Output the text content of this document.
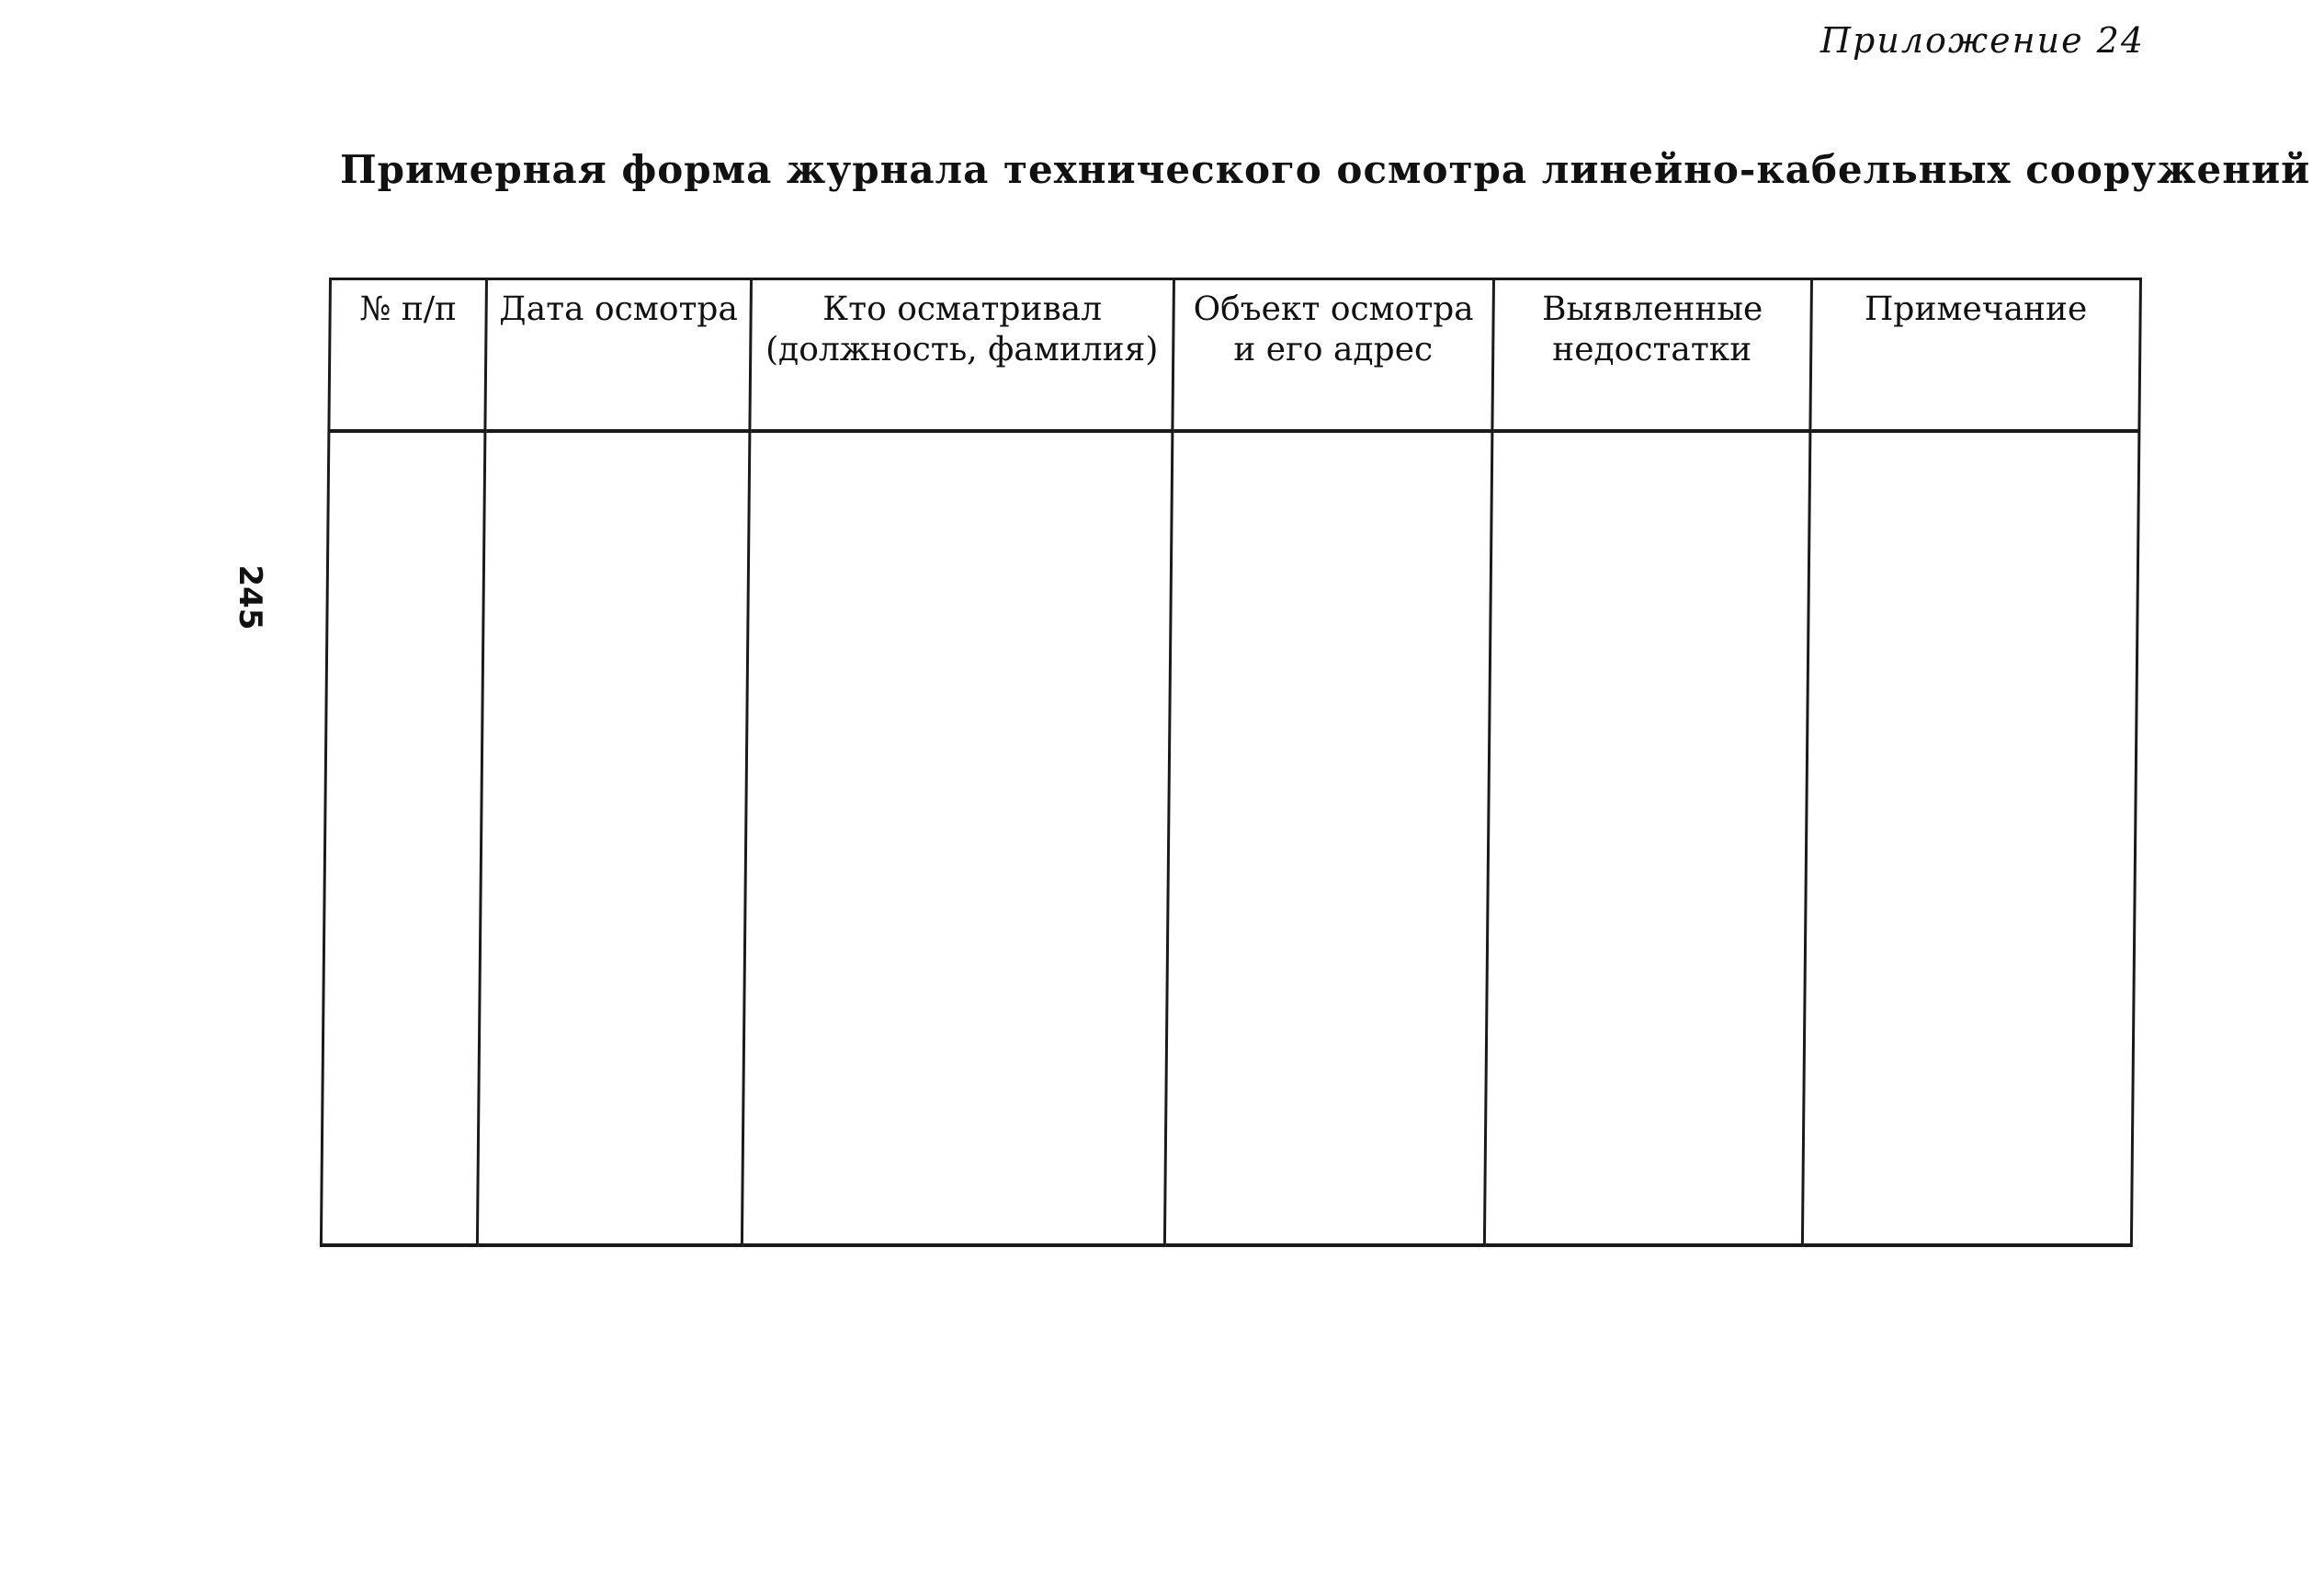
Приложение 24
Примерная форма журнала технического осмотра линейно-кабельных сооружений
245
№ п/п	Дата осмотра	Кто осматривал (должность, фамилия)	Объект осмотра и его адрес	Выявленные недостатки	Примечание
